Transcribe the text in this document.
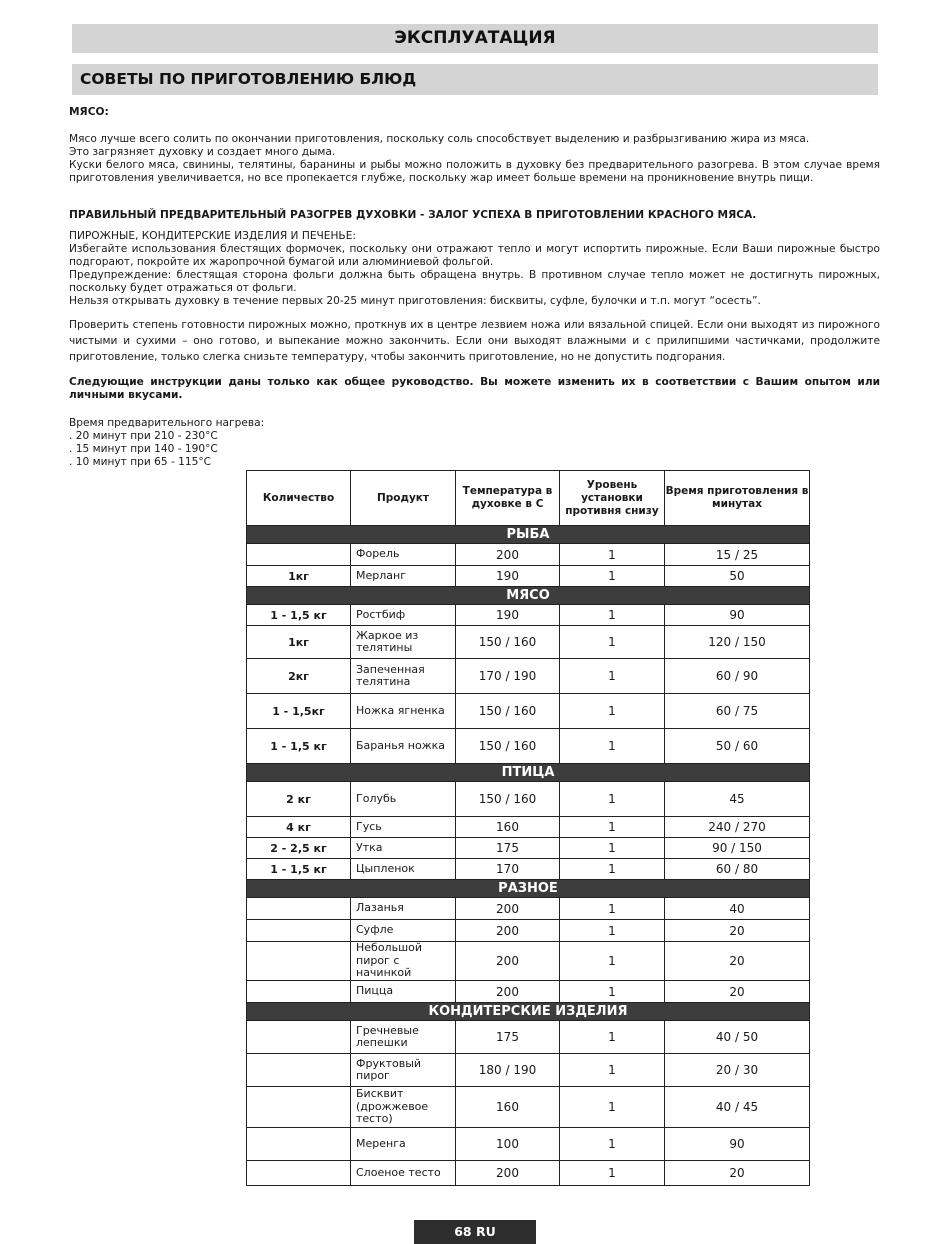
ЭКСПЛУАТАЦИЯ
СОВЕТЫ ПО ПРИГОТОВЛЕНИЮ БЛЮД

МЯСО:

Мясо лучше всего солить по окончании приготовления, поскольку соль способствует выделению и разбрызгиванию жира из мяса.
Это загрязняет духовку и создает много дыма.
Куски белого мяса, свинины, телятины, баранины и рыбы можно положить в духовку без предварительного разогрева. В этом случае время приготовления увеличивается, но все пропекается глубже, поскольку жар имеет больше времени на проникновение внутрь пищи.

ПРАВИЛЬНЫЙ ПРЕДВАРИТЕЛЬНЫЙ РАЗОГРЕВ ДУХОВКИ - ЗАЛОГ УСПЕХА В ПРИГОТОВЛЕНИИ КРАСНОГО МЯСА.

ПИРОЖНЫЕ, КОНДИТЕРСКИЕ ИЗДЕЛИЯ И ПЕЧЕНЬЕ:
Избегайте использования блестящих формочек, поскольку они отражают тепло и могут испортить пирожные. Если Ваши пирожные быстро подгорают, покройте их жаропрочной бумагой или алюминиевой фольгой.
Предупреждение: блестящая сторона фольги должна быть обращена внутрь. В противном случае тепло может не достигнуть пирожных, поскольку будет отражаться от фольги.
Нельзя открывать духовку в течение первых 20-25 минут приготовления: бисквиты, суфле, булочки и т.п. могут “осесть”.

Проверить степень готовности пирожных можно, проткнув их в центре лезвием ножа или вязальной спицей. Если они выходят из пирожного чистыми и сухими – оно готово, и выпекание можно закончить. Если они выходят влажными и с прилипшими частичками, продолжите приготовление, только слегка снизьте температуру, чтобы закончить приготовление, но не допустить подгорания.

Следующие инструкции даны только как общее руководство. Вы можете изменить их в соответствии с Вашим опытом или личными вкусами.

Время предварительного нагрева:
. 20 минут при 210 - 230°C
. 15 минут при 140 - 190°C
. 10 минут при 65 - 115°C
Количество	Продукт	Температура в духовке в С	Уровень установки противня снизу	Время приготовления в минутах
РЫБА				
	Форель	200	1	15 / 25
1кг	Мерланг	190	1	50
МЯСО				
1 - 1,5 кг	Ростбиф	190	1	90
1кг	Жаркое из телятины	150 / 160	1	120 / 150
2кг	Запеченная телятина	170 / 190	1	60 / 90
1 - 1,5кг	Ножка ягненка	150 / 160	1	60 / 75
1 - 1,5 кг	Баранья ножка	150 / 160	1	50 / 60
ПТИЦА				
2 кг	Голубь	150 / 160	1	45
4 кг	Гусь	160	1	240 / 270
2 - 2,5 кг	Утка	175	1	90 / 150
1 - 1,5 кг	Цыпленок	170	1	60 / 80
РАЗНОЕ				
	Лазанья	200	1	40
	Суфле	200	1	20
	Небольшой пирог с начинкой	200	1	20
	Пицца	200	1	20
КОНДИТЕРСКИЕ ИЗДЕЛИЯ				
	Гречневые лепешки	175	1	40 / 50
	Фруктовый пирог	180 / 190	1	20 / 30
	Бисквит (дрожжевое тесто)	160	1	40 / 45
	Меренга	100	1	90
	Слоеное тесто	200	1	20
68 RU
